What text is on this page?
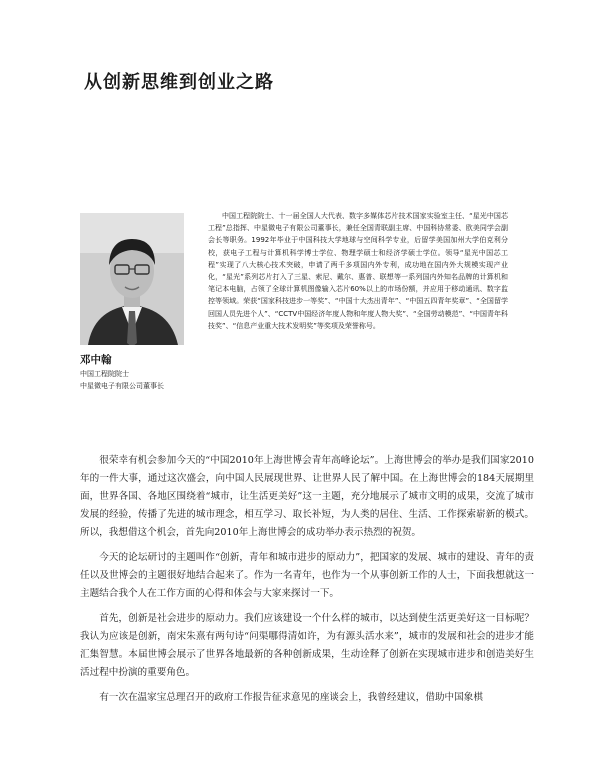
从创新思维到创业之路
邓中翰
中国工程院院士
中星微电子有限公司董事长
中国工程院院士、十一届全国人大代表、数字多媒体芯片技术国家实验室主任、“星光中国芯工程”总指挥、中星微电子有限公司董事长，兼任全国青联副主席、中国科协常委、欧美同学会副会长等职务。1992年毕业于中国科技大学地球与空间科学专业，后留学美国加州大学伯克利分校，获电子工程与计算机科学博士学位、物理学硕士和经济学硕士学位。领导“星光中国芯工程”实现了八大核心技术突破，申请了两千多项国内外专利，成功地在国内外大规模实现产业化，“星光”系列芯片打入了三星、索尼、戴尔、惠普、联想等一系列国内外知名品牌的计算机和笔记本电脑，占领了全球计算机图像输入芯片60%以上的市场份额，并应用于移动通讯、数字监控等领域。荣获“国家科技进步一等奖”、“中国十大杰出青年”、“中国五四青年奖章”、“全国留学回国人员先进个人”、“CCTV中国经济年度人物和年度人物大奖”、“全国劳动模范”、“中国青年科技奖”、“信息产业重大技术发明奖”等奖项及荣誉称号。

很荣幸有机会参加今天的“中国2010年上海世博会青年高峰论坛”。上海世博会的举办是我们国家2010年的一件大事，通过这次盛会，向中国人民展现世界、让世界人民了解中国。在上海世博会的184天展期里面，世界各国、各地区围绕着“城市，让生活更美好”这一主题，充分地展示了城市文明的成果，交流了城市发展的经验，传播了先进的城市理念，相互学习、取长补短，为人类的居住、生活、工作探索崭新的模式。所以，我想借这个机会，首先向2010年上海世博会的成功举办表示热烈的祝贺。

今天的论坛研讨的主题叫作“创新，青年和城市进步的原动力”，把国家的发展、城市的建设、青年的责任以及世博会的主题很好地结合起来了。作为一名青年，也作为一个从事创新工作的人士，下面我想就这一主题结合我个人在工作方面的心得和体会与大家来探讨一下。

首先，创新是社会进步的原动力。我们应该建设一个什么样的城市，以达到使生活更美好这一目标呢？我认为应该是创新，南宋朱熹有两句诗“问渠哪得清如许，为有源头活水来”，城市的发展和社会的进步才能汇集智慧。本届世博会展示了世界各地最新的各种创新成果，生动诠释了创新在实现城市进步和创造美好生活过程中扮演的重要角色。

有一次在温家宝总理召开的政府工作报告征求意见的座谈会上，我曾经建议，借助中国象棋
